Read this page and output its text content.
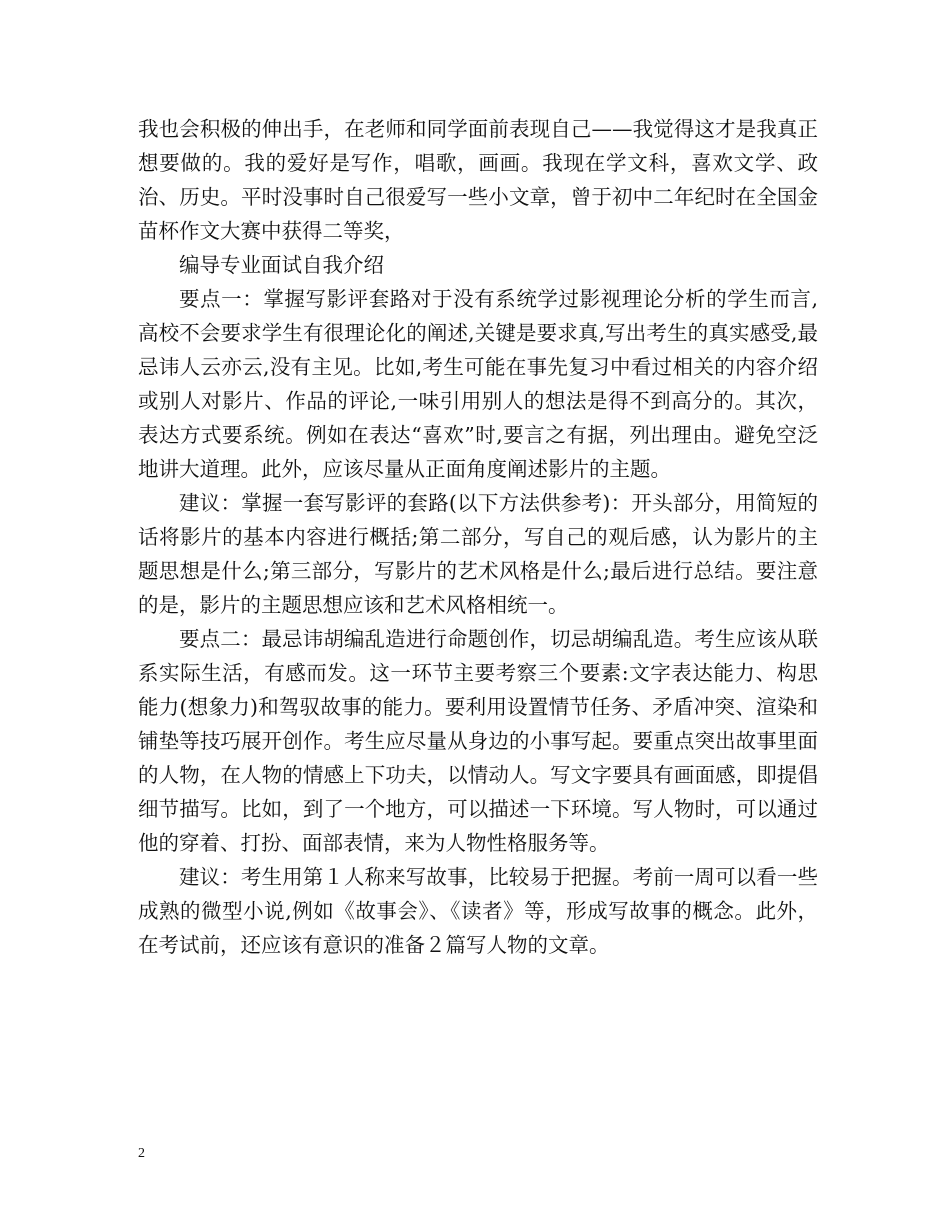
我也会积极的伸出手，在老师和同学面前表现自己——我觉得这才是我真正想要做的。我的爱好是写作，唱歌，画画。我现在学文科，喜欢文学、政治、历史。平时没事时自己很爱写一些小文章，曾于初中二年纪时在全国金苗杯作文大赛中获得二等奖，

编导专业面试自我介绍

要点一：掌握写影评套路对于没有系统学过影视理论分析的学生而言,高校不会要求学生有很理论化的阐述,关键是要求真,写出考生的真实感受,最忌讳人云亦云,没有主见。比如,考生可能在事先复习中看过相关的内容介绍或别人对影片、作品的评论,一味引用别人的想法是得不到高分的。其次，表达方式要系统。例如在表达“喜欢”时,要言之有据，列出理由。避免空泛地讲大道理。此外，应该尽量从正面角度阐述影片的主题。

建议：掌握一套写影评的套路(以下方法供参考)：开头部分，用简短的话将影片的基本内容进行概括;第二部分，写自己的观后感，认为影片的主题思想是什么;第三部分，写影片的艺术风格是什么;最后进行总结。要注意的是，影片的主题思想应该和艺术风格相统一。

要点二：最忌讳胡编乱造进行命题创作，切忌胡编乱造。考生应该从联系实际生活，有感而发。这一环节主要考察三个要素:文字表达能力、构思能力(想象力)和驾驭故事的能力。要利用设置情节任务、矛盾冲突、渲染和铺垫等技巧展开创作。考生应尽量从身边的小事写起。要重点突出故事里面的人物，在人物的情感上下功夫，以情动人。写文字要具有画面感，即提倡细节描写。比如，到了一个地方，可以描述一下环境。写人物时，可以通过他的穿着、打扮、面部表情，来为人物性格服务等。

建议：考生用第１人称来写故事，比较易于把握。考前一周可以看一些成熟的微型小说,例如《故事会》、《读者》等，形成写故事的概念。此外，在考试前，还应该有意识的准备２篇写人物的文章。

2
